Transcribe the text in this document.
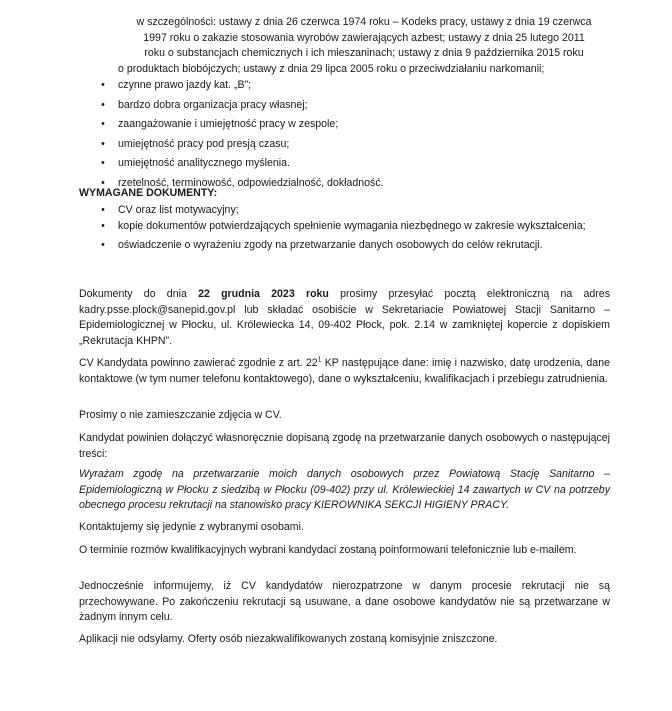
w szczególności: ustawy z dnia 26 czerwca 1974 roku – Kodeks pracy, ustawy z dnia 19 czerwca
1997 roku o zakazie stosowania wyrobów zawierających azbest; ustawy z dnia 25 lutego 2011
roku o substancjach chemicznych i ich mieszaninach; ustawy z dnia 9 października 2015 roku
o produktach biobójczych; ustawy z dnia 29 lipca 2005 roku o przeciwdziałaniu narkomanii;
• czynne prawo jazdy kat. „B”;
• bardzo dobra organizacja pracy własnej;
• zaangażowanie i umiejętność pracy w zespole;
• umiejętność pracy pod presją czasu;
• umiejętność analitycznego myślenia.
• rzetelność, terminowość, odpowiedzialność, dokładność.
WYMAGANE DOKUMENTY:
• CV oraz list motywacyjny;
• kopie dokumentów potwierdzających spełnienie wymagania niezbędnego w zakresie wykształcenia;
• oświadczenie o wyrażeniu zgody na przetwarzanie danych osobowych do celów rekrutacji.

Dokumenty do dnia 22 grudnia 2023 roku prosimy przesyłać pocztą elektroniczną na adres kadry.psse.plock@sanepid.gov.pl lub składać osobiście w Sekretariacie Powiatowej Stacji Sanitarno – Epidemiologicznej w Płocku, ul. Królewiecka 14, 09-402 Płock, pok. 2.14 w zamkniętej kopercie z dopiskiem „Rekrutacja KHPN”.

CV Kandydata powinno zawierać zgodnie z art. $22^1$ KP następujące dane: imię i nazwisko, datę urodzenia, dane kontaktowe (w tym numer telefonu kontaktowego), dane o wykształceniu, kwalifikacjach i przebiegu zatrudnienia.

Prosimy o nie zamieszczanie zdjęcia w CV.

Kandydat powinien dołączyć własnoręcznie dopisaną zgodę na przetwarzanie danych osobowych o następującej treści:

Wyrażam zgodę na przetwarzanie moich danych osobowych przez Powiatową Stację Sanitarno – Epidemiologiczną w Płocku z siedzibą w Płocku (09-402) przy ul. Królewieckiej 14 zawartych w CV na potrzeby obecnego procesu rekrutacji na stanowisko pracy KIEROWNIKA SEKCJI HIGIENY PRACY.

Kontaktujemy się jedynie z wybranymi osobami.

O terminie rozmów kwalifikacyjnych wybrani kandydaci zostaną poinformowani telefonicznie lub e-mailem.

Jednocześnie informujemy, iż CV kandydatów nierozpatrzone w danym procesie rekrutacji nie są przechowywane. Po zakończeniu rekrutacji są usuwane, a dane osobowe kandydatów nie są przetwarzane w żadnym innym celu.

Aplikacji nie odsyłamy. Oferty osób niezakwalifikowanych zostaną komisyjnie zniszczone.
